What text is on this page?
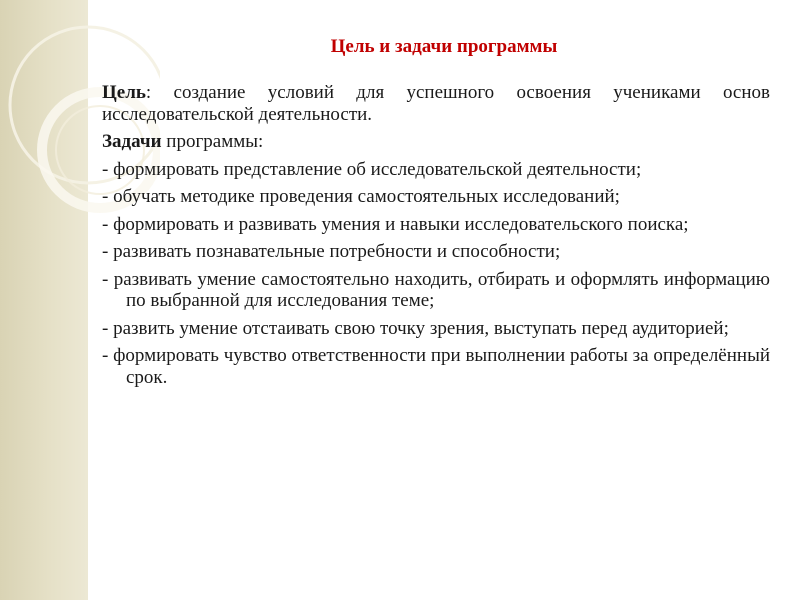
Цель и задачи программы

Цель: создание условий для успешного освоения учениками основ исследовательской деятельности.

Задачи программы:

- формировать представление об исследовательской деятельности;

- обучать методике проведения самостоятельных исследований;

- формировать и развивать умения и навыки исследовательского поиска;

- развивать познавательные потребности и способности;

- развивать умение самостоятельно находить, отбирать и оформлять информацию по выбранной для исследования теме;

- развить умение отстаивать свою точку зрения, выступать перед аудиторией;

- формировать чувство ответственности при выполнении работы за определённый срок.
